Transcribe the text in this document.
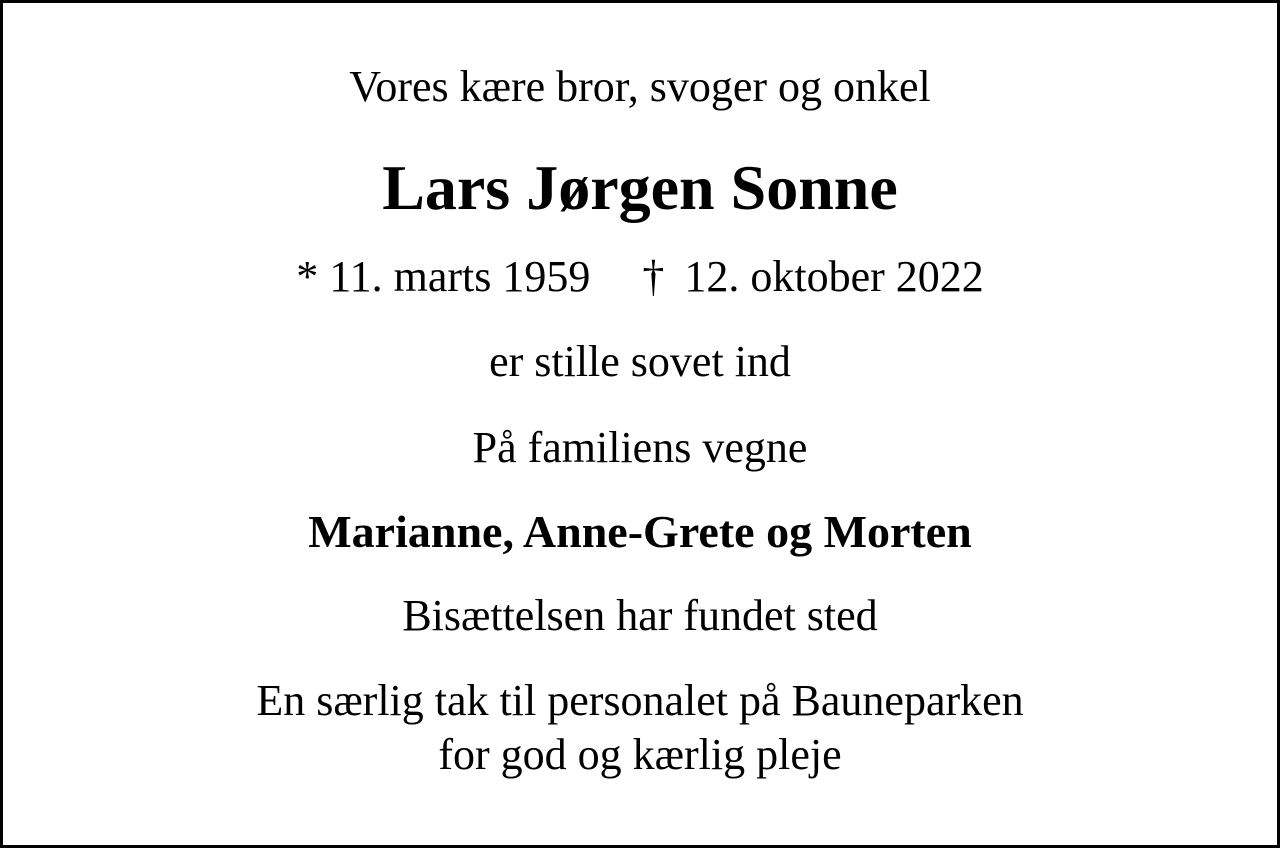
Vores kære bror, svoger og onkel
Lars Jørgen Sonne
* 11. marts 1959 † 12. oktober 2022
er stille sovet ind
På familiens vegne
Marianne, Anne-Grete og Morten
Bisættelsen har fundet sted
En særlig tak til personalet på Bauneparken
for god og kærlig pleje
